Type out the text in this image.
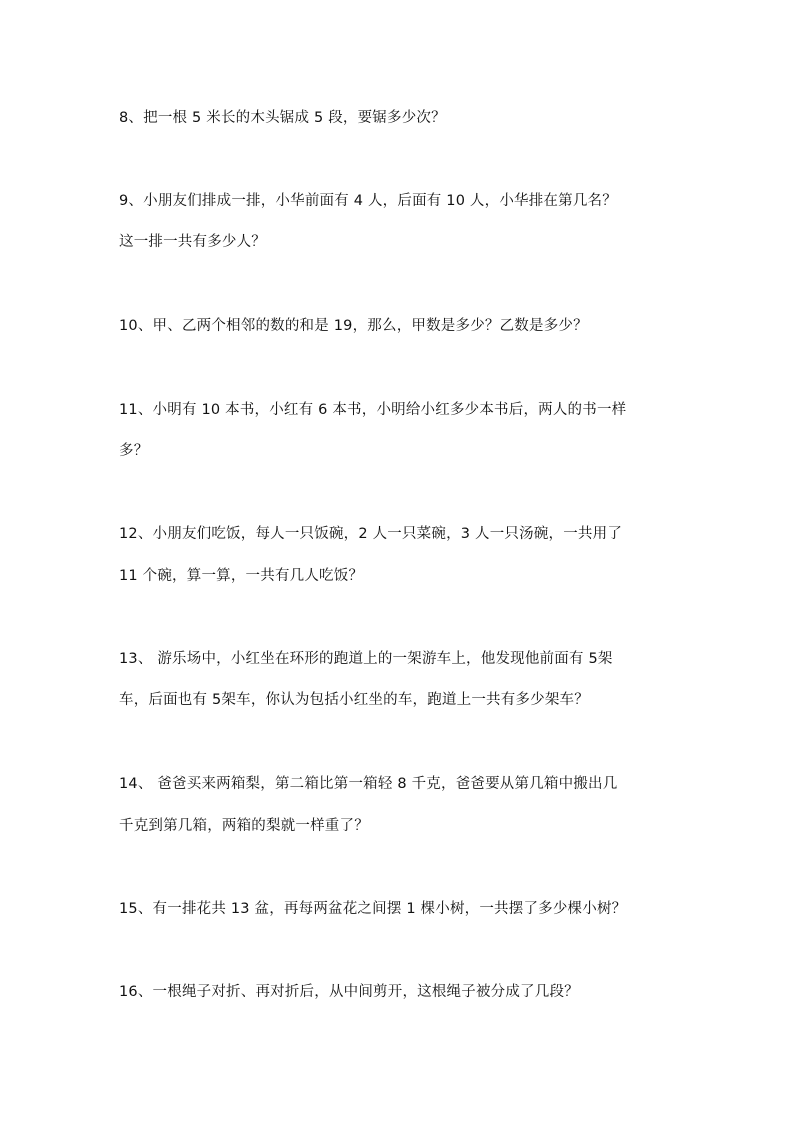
8、把一根 5 米长的木头锯成 5 段，要锯多少次？
9、小朋友们排成一排，小华前面有 4 人，后面有 10 人，小华排在第几名？
这一排一共有多少人？
10、甲、乙两个相邻的数的和是 19，那么，甲数是多少？乙数是多少？
11、小明有 10 本书，小红有 6 本书，小明给小红多少本书后，两人的书一样
多？
12、小朋友们吃饭，每人一只饭碗，2 人一只菜碗，3 人一只汤碗，一共用了
11 个碗，算一算，一共有几人吃饭？
13、 游乐场中，小红坐在环形的跑道上的一架游车上，他发现他前面有 5架
车，后面也有 5架车，你认为包括小红坐的车，跑道上一共有多少架车？
14、 爸爸买来两箱梨，第二箱比第一箱轻 8 千克，爸爸要从第几箱中搬出几
千克到第几箱，两箱的梨就一样重了？
15、有一排花共 13 盆，再每两盆花之间摆 1 棵小树，一共摆了多少棵小树？
16、一根绳子对折、再对折后，从中间剪开，这根绳子被分成了几段？
